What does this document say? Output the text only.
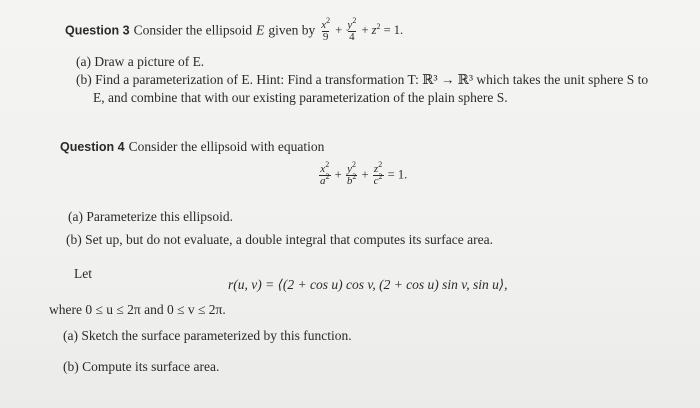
Question 3 Consider the ellipsoid E given by $\frac{x^2}{9} + \frac{y^2}{4} + z^2 = 1$.
(a) Draw a picture of E.
(b) Find a parameterization of E. Hint: Find a transformation T: ℝ³ → ℝ³ which takes the unit sphere S to
E, and combine that with our existing parameterization of the plain sphere S.
Question 4 Consider the ellipsoid with equation
$\frac{x^2}{a^2} + \frac{y^2}{b^2} + \frac{z^2}{c^2} = 1$.
(a) Parameterize this ellipsoid.
(b) Set up, but do not evaluate, a double integral that computes its surface area.
Let
r(u, v) = ⟨(2 + cos u) cos v, (2 + cos u) sin v, sin u⟩,
where 0 ≤ u ≤ 2π and 0 ≤ v ≤ 2π.
(a) Sketch the surface parameterized by this function.
(b) Compute its surface area.
